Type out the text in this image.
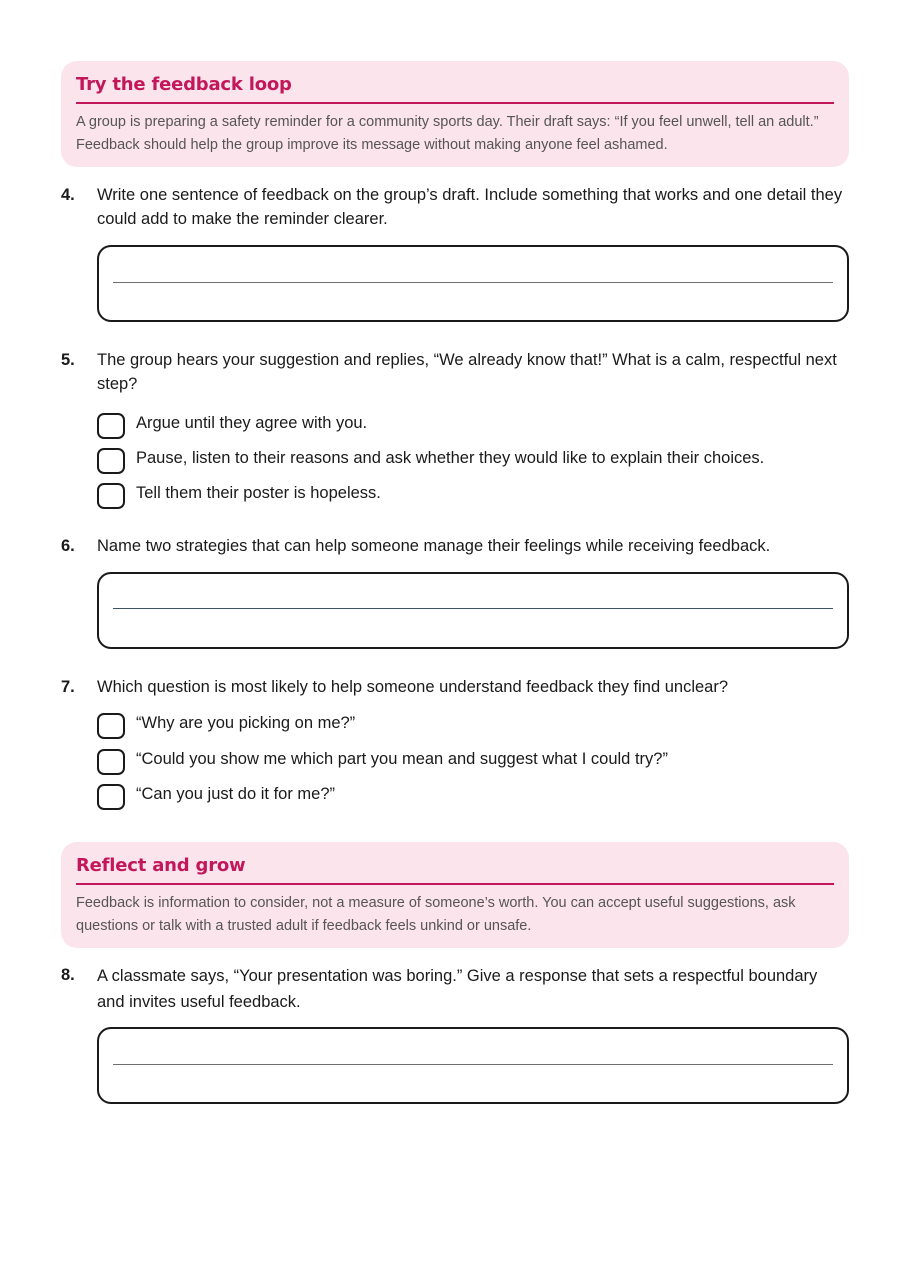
Try the feedback loop
A group is preparing a safety reminder for a community sports day. Their draft says: “If you feel unwell, tell an adult.” Feedback should help the group improve its message without making anyone feel ashamed.
4. Write one sentence of feedback on the group’s draft. Include something that works and one detail they could add to make the reminder clearer.
5. The group hears your suggestion and replies, “We already know that!” What is a calm, respectful next step?
Argue until they agree with you.
Pause, listen to their reasons and ask whether they would like to explain their choices.
Tell them their poster is hopeless.
6. Name two strategies that can help someone manage their feelings while receiving feedback.
7. Which question is most likely to help someone understand feedback they find unclear?
“Why are you picking on me?”
“Could you show me which part you mean and suggest what I could try?”
“Can you just do it for me?”
Reflect and grow
Feedback is information to consider, not a measure of someone’s worth. You can accept useful suggestions, ask questions or talk with a trusted adult if feedback feels unkind or unsafe.
8. A classmate says, “Your presentation was boring.” Give a response that sets a respectful boundary and invites useful feedback.
